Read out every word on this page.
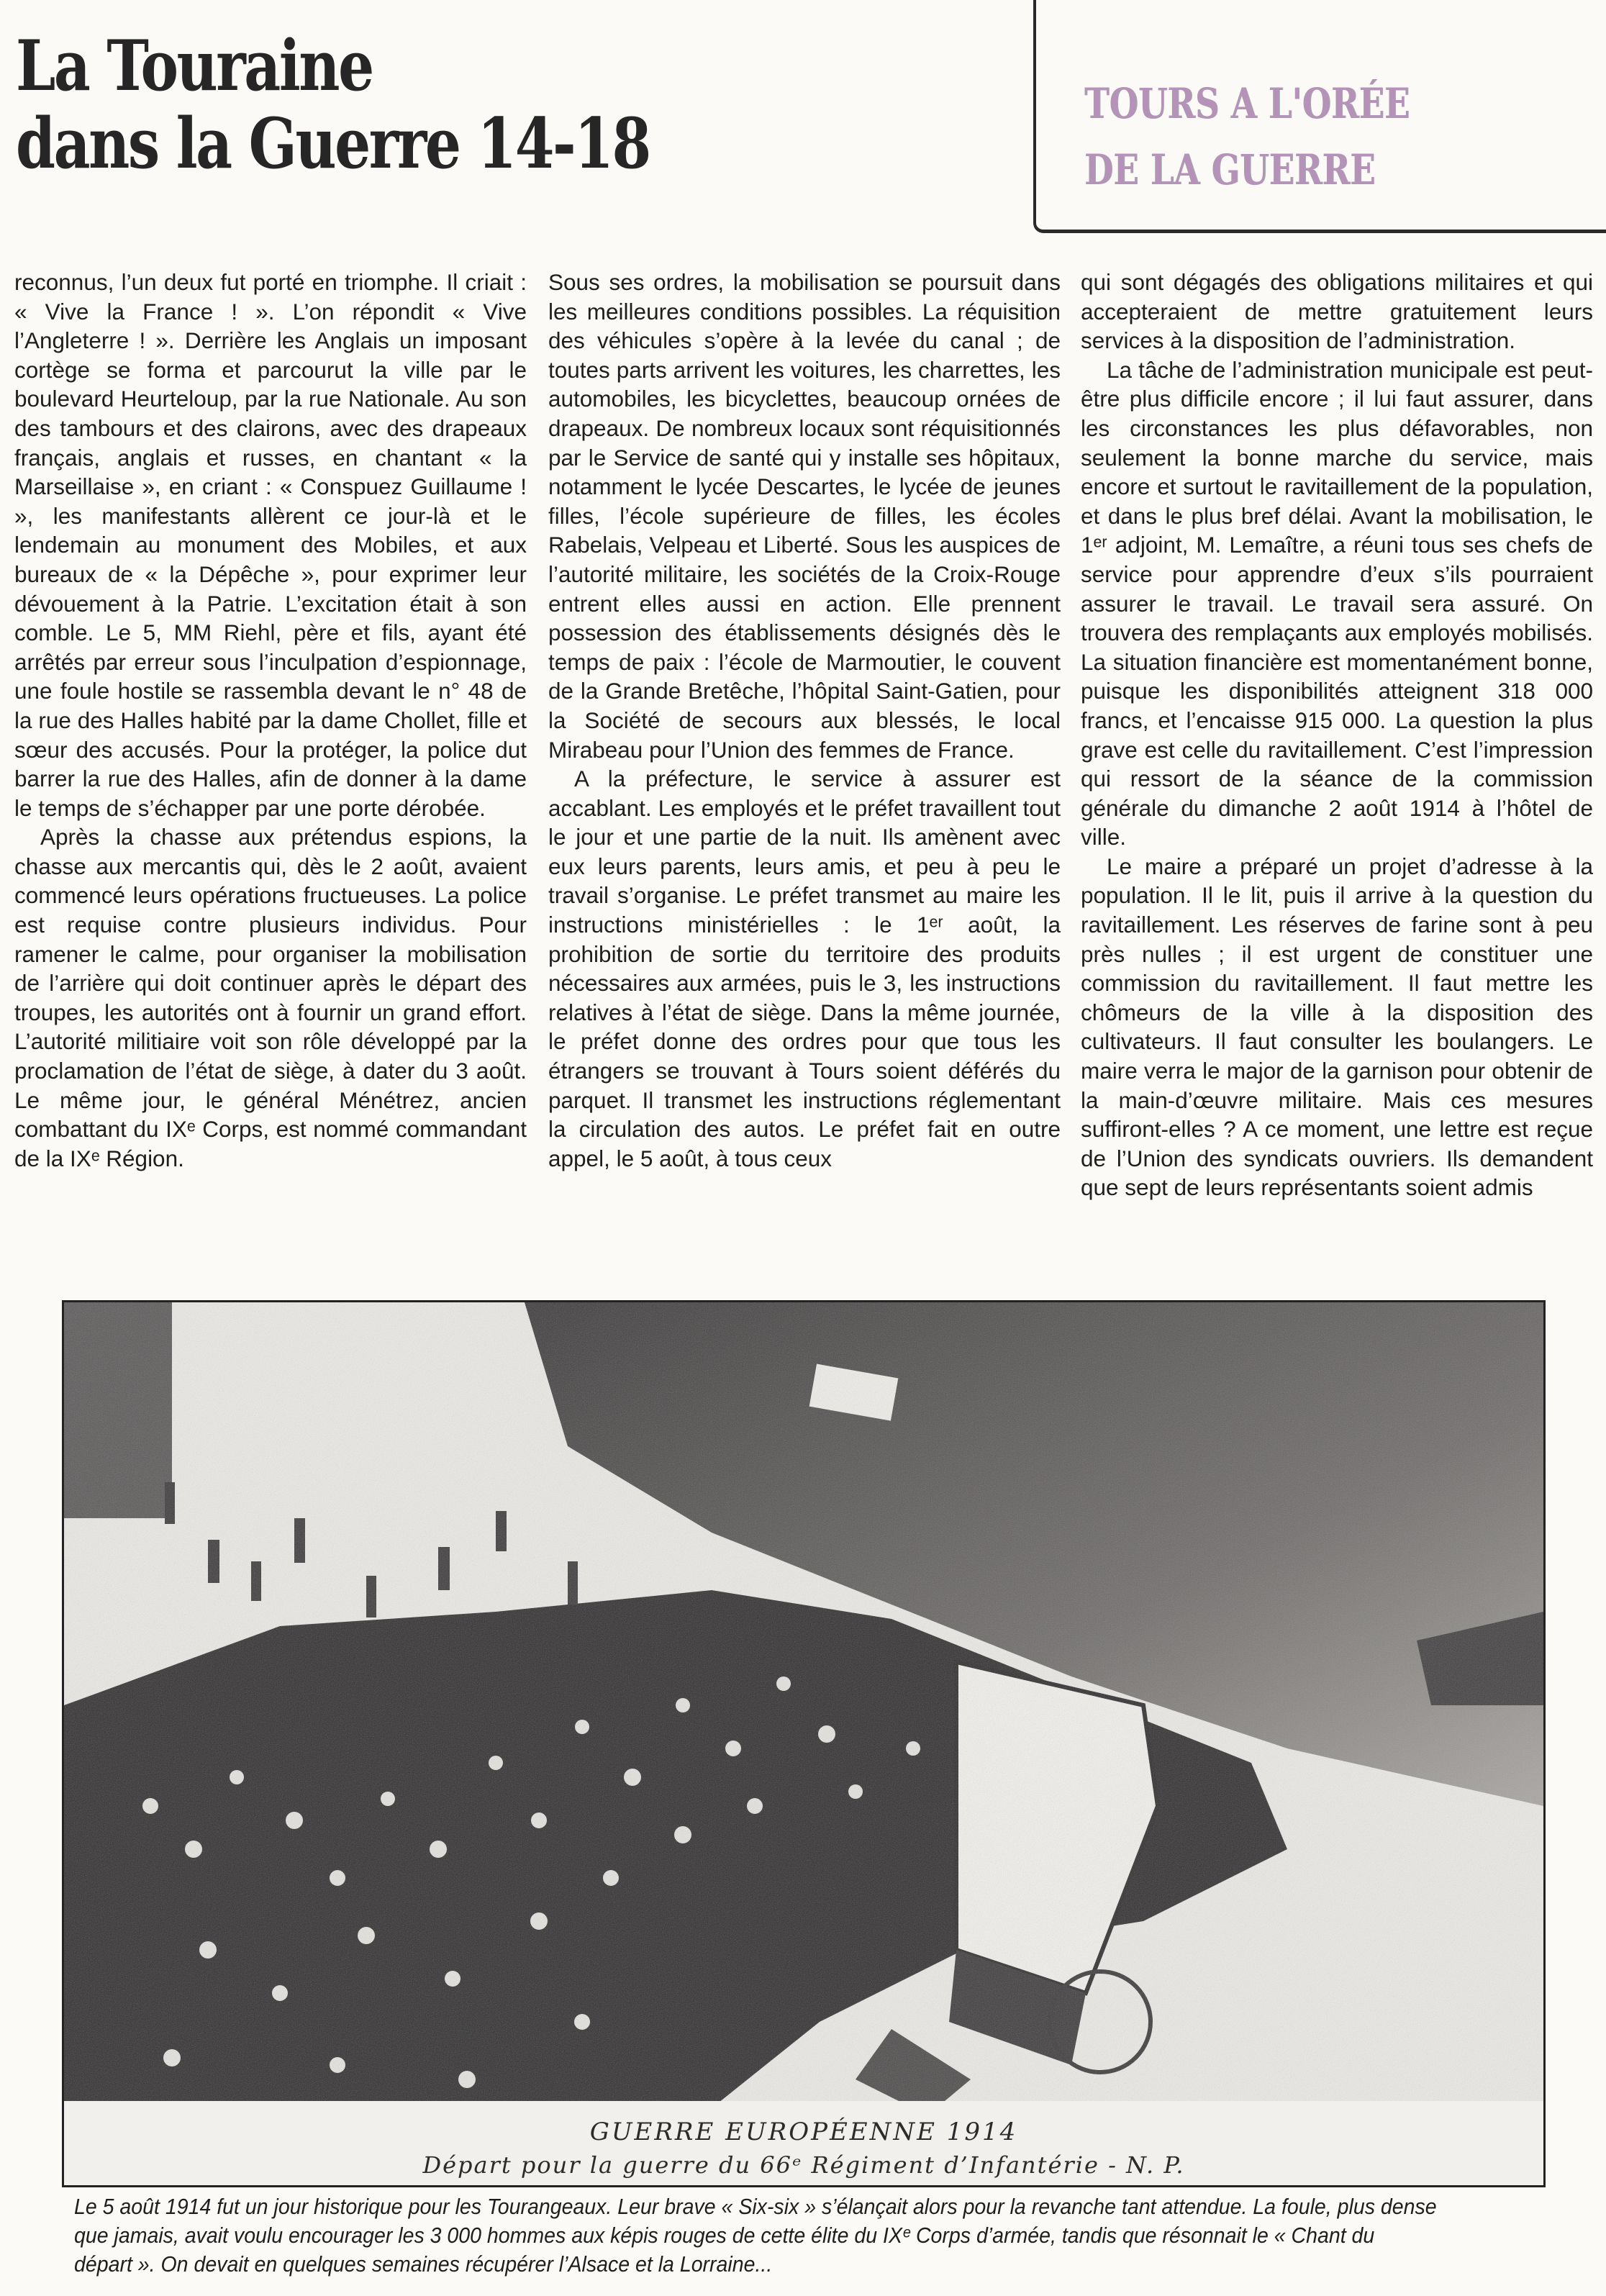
La Touraine
dans la Guerre 14-18	TOURS A L'ORÉE
DE LA GUERRE

reconnus, l’un deux fut porté en triomphe. Il criait : « Vive la France ! ». L’on répondit « Vive l’Angleterre ! ». Derrière les Anglais un imposant cortège se forma et parcourut la ville par le boulevard Heurteloup, par la rue Nationale. Au son des tambours et des clairons, avec des drapeaux français, anglais et russes, en chantant « la Marseillaise », en criant : « Conspuez Guillaume ! », les manifestants allèrent ce jour-là et le lendemain au monument des Mobiles, et aux bureaux de « la Dépêche », pour exprimer leur dévouement à la Patrie. L’excitation était à son comble. Le 5, MM Riehl, père et fils, ayant été arrêtés par erreur sous l’inculpation d’espionnage, une foule hostile se rassembla devant le n° 48 de la rue des Halles habité par la dame Chollet, fille et sœur des accusés. Pour la protéger, la police dut barrer la rue des Halles, afin de donner à la dame le temps de s’échapper par une porte dérobée.

Après la chasse aux prétendus espions, la chasse aux mercantis qui, dès le 2 août, avaient commencé leurs opérations fructueuses. La police est requise contre plusieurs individus. Pour ramener le calme, pour organiser la mobilisation de l’arrière qui doit continuer après le départ des troupes, les autorités ont à fournir un grand effort. L’autorité militiaire voit son rôle développé par la proclamation de l’état de siège, à dater du 3 août. Le même jour, le général Ménétrez, ancien combattant du IXᵉ Corps, est nommé commandant de la IXᵉ Région.

Sous ses ordres, la mobilisation se poursuit dans les meilleures conditions possibles. La réquisition des véhicules s’opère à la levée du canal ; de toutes parts arrivent les voitures, les charrettes, les automobiles, les bicyclettes, beaucoup ornées de drapeaux. De nombreux locaux sont réquisitionnés par le Service de santé qui y installe ses hôpitaux, notamment le lycée Descartes, le lycée de jeunes filles, l’école supérieure de filles, les écoles Rabelais, Velpeau et Liberté. Sous les auspices de l’autorité militaire, les sociétés de la Croix-Rouge entrent elles aussi en action. Elle prennent possession des établissements désignés dès le temps de paix : l’école de Marmoutier, le couvent de la Grande Bretêche, l’hôpital Saint-Gatien, pour la Société de secours aux blessés, le local Mirabeau pour l’Union des femmes de France.

A la préfecture, le service à assurer est accablant. Les employés et le préfet travaillent tout le jour et une partie de la nuit. Ils amènent avec eux leurs parents, leurs amis, et peu à peu le travail s’organise. Le préfet transmet au maire les instructions ministérielles : le 1ᵉʳ août, la prohibition de sortie du territoire des produits nécessaires aux armées, puis le 3, les instructions relatives à l’état de siège. Dans la même journée, le préfet donne des ordres pour que tous les étrangers se trouvant à Tours soient déférés du parquet. Il transmet les instructions réglementant la circulation des autos. Le préfet fait en outre appel, le 5 août, à tous ceux

qui sont dégagés des obligations militaires et qui accepteraient de mettre gratuitement leurs services à la disposition de l’administration.

La tâche de l’administration municipale est peut-être plus difficile encore ; il lui faut assurer, dans les circonstances les plus défavorables, non seulement la bonne marche du service, mais encore et surtout le ravitaillement de la population, et dans le plus bref délai. Avant la mobilisation, le 1ᵉʳ adjoint, M. Lemaître, a réuni tous ses chefs de service pour apprendre d’eux s’ils pourraient assurer le travail. Le travail sera assuré. On trouvera des remplaçants aux employés mobilisés. La situation financière est momentanément bonne, puisque les disponibilités atteignent 318 000 francs, et l’encaisse 915 000. La question la plus grave est celle du ravitaillement. C’est l’impression qui ressort de la séance de la commission générale du dimanche 2 août 1914 à l’hôtel de ville.

Le maire a préparé un projet d’adresse à la population. Il le lit, puis il arrive à la question du ravitaillement. Les réserves de farine sont à peu près nulles ; il est urgent de constituer une commission du ravitaillement. Il faut mettre les chômeurs de la ville à la disposition des cultivateurs. Il faut consulter les boulangers. Le maire verra le major de la garnison pour obtenir de la main-d’œuvre militaire. Mais ces mesures suffiront-elles ? A ce moment, une lettre est reçue de l’Union des syndicats ouvriers. Ils demandent que sept de leurs représentants soient admis

GUERRE EUROPÉENNE 1914
Départ pour la guerre du 66ᵉ Régiment d’Infantérie - N. P.
Le 5 août 1914 fut un jour historique pour les Tourangeaux. Leur brave « Six-six » s’élançait alors pour la revanche tant attendue. La foule, plus dense que jamais, avait voulu encourager les 3 000 hommes aux képis rouges de cette élite du IXᵉ Corps d’armée, tandis que résonnait le « Chant du départ ». On devait en quelques semaines récupérer l’Alsace et la Lorraine...
